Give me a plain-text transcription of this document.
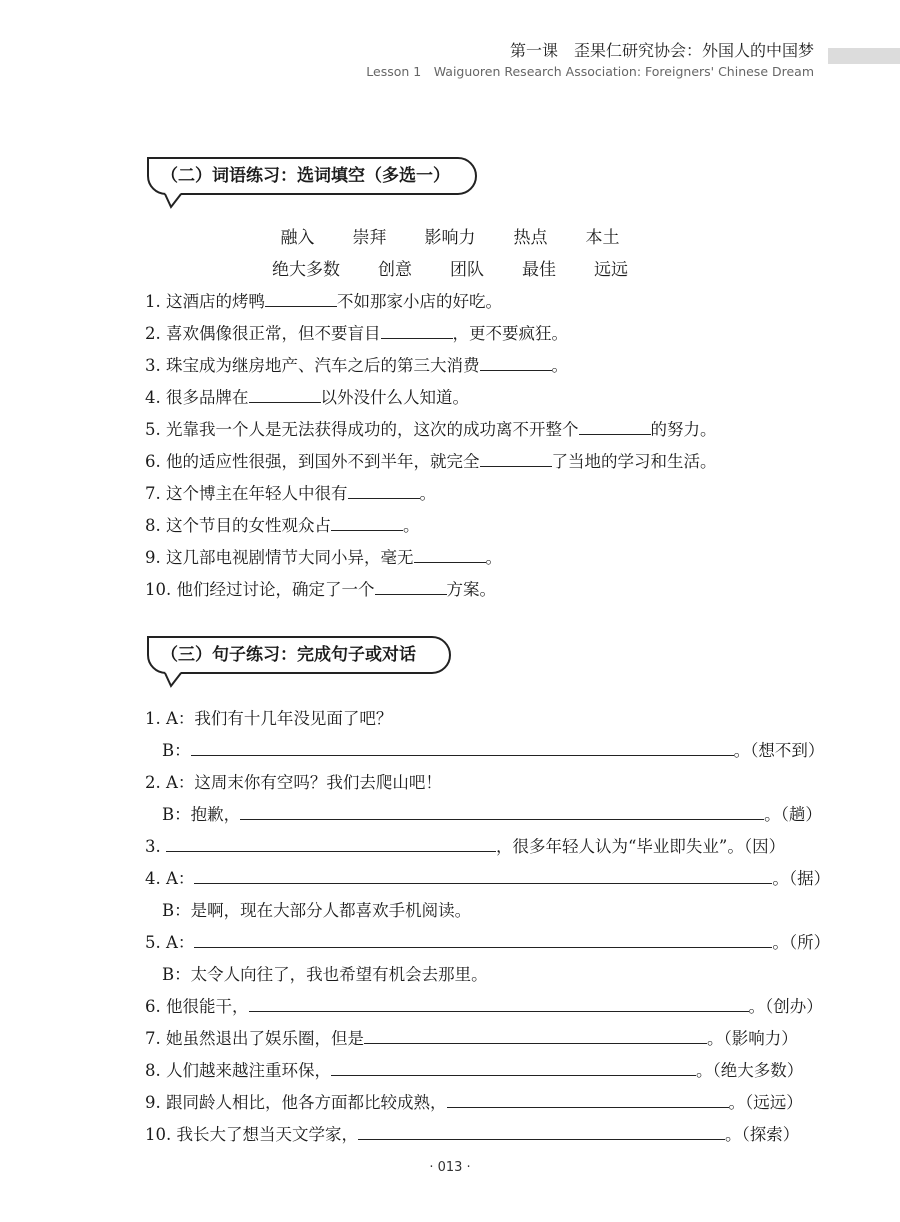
第一课　歪果仁研究协会：外国人的中国梦
Lesson 1　Waiguoren Research Association: Foreigners' Chinese Dream
（二）词语练习：选词填空（多选一）
融入 崇拜 影响力 热点 本土
绝大多数 创意 团队 最佳 远远
1. 这酒店的烤鸭	不如那家小店的好吃。
2. 喜欢偶像很正常，但不要盲目	，更不要疯狂。
3. 珠宝成为继房地产、汽车之后的第三大消费	。
4. 很多品牌在	以外没什么人知道。
5. 光靠我一个人是无法获得成功的，这次的成功离不开整个	的努力。
6. 他的适应性很强，到国外不到半年，就完全	了当地的学习和生活。
7. 这个博主在年轻人中很有	。
8. 这个节目的女性观众占	。
9. 这几部电视剧情节大同小异，毫无	。
10. 他们经过讨论，确定了一个	方案。
（三）句子练习：完成句子或对话
1. A：我们有十几年没见面了吧？
B：	。（想不到）
2. A：这周末你有空吗？我们去爬山吧！
B：抱歉，	。（趟）
3.	，很多年轻人认为“毕业即失业”。（因）
4. A：	。（据）
B：是啊，现在大部分人都喜欢手机阅读。
5. A：	。（所）
B：太令人向往了，我也希望有机会去那里。
6. 他很能干，	。（创办）
7. 她虽然退出了娱乐圈，但是	。（影响力）
8. 人们越来越注重环保，	。（绝大多数）
9. 跟同龄人相比，他各方面都比较成熟，	。（远远）
10. 我长大了想当天文学家，	。（探索）
· 013 ·
